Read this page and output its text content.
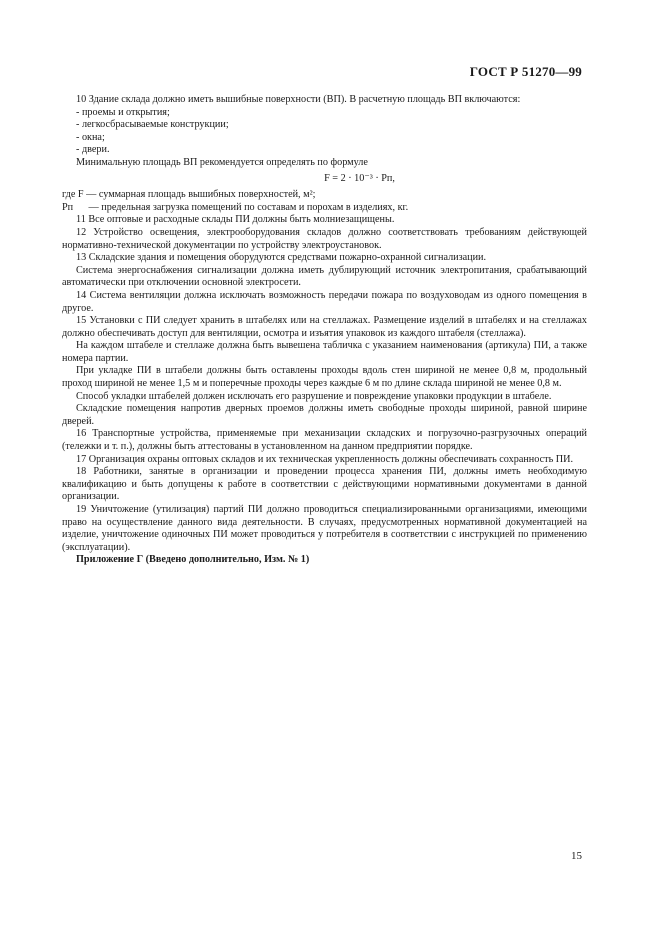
ГОСТ Р 51270—99

10 Здание склада должно иметь вышибные поверхности (ВП). В расчетную площадь ВП включаются:

- проемы и открытия;

- легкосбрасываемые конструкции;

- окна;

- двери.

Минимальную площадь ВП рекомендуется определять по формуле

F = 2 · 10⁻³ · Pп,

где F — суммарная площадь вышибных поверхностей, м²;

Pп — предельная загрузка помещений по составам и порохам в изделиях, кг.

11 Все оптовые и расходные склады ПИ должны быть молниезащищены.

12 Устройство освещения, электрооборудования складов должно соответствовать требованиям действующей нормативно-технической документации по устройству электроустановок.

13 Складские здания и помещения оборудуются средствами пожарно-охранной сигнализации.

Система энергоснабжения сигнализации должна иметь дублирующий источник электропитания, срабатывающий автоматически при отключении основной электросети.

14 Система вентиляции должна исключать возможность передачи пожара по воздуховодам из одного помещения в другое.

15 Установки с ПИ следует хранить в штабелях или на стеллажах. Размещение изделий в штабелях и на стеллажах должно обеспечивать доступ для вентиляции, осмотра и изъятия упаковок из каждого штабеля (стеллажа).

На каждом штабеле и стеллаже должна быть вывешена табличка с указанием наименования (артикула) ПИ, а также номера партии.

При укладке ПИ в штабели должны быть оставлены проходы вдоль стен шириной не менее 0,8 м, продольный проход шириной не менее 1,5 м и поперечные проходы через каждые 6 м по длине склада шириной не менее 0,8 м.

Способ укладки штабелей должен исключать его разрушение и повреждение упаковки продукции в штабеле.

Складские помещения напротив дверных проемов должны иметь свободные проходы шириной, равной ширине дверей.

16 Транспортные устройства, применяемые при механизации складских и погрузочно-разгрузочных операций (тележки и т. п.), должны быть аттестованы в установленном на данном предприятии порядке.

17 Организация охраны оптовых складов и их техническая укрепленность должны обеспечивать сохранность ПИ.

18 Работники, занятые в организации и проведении процесса хранения ПИ, должны иметь необходимую квалификацию и быть допущены к работе в соответствии с действующими нормативными документами в данной организации.

19 Уничтожение (утилизация) партий ПИ должно проводиться специализированными организациями, имеющими право на осуществление данного вида деятельности. В случаях, предусмотренных нормативной документацией на изделие, уничтожение одиночных ПИ может проводиться у потребителя в соответствии с инструкцией по применению (эксплуатации).

Приложение Г (Введено дополнительно, Изм. № 1)

15
